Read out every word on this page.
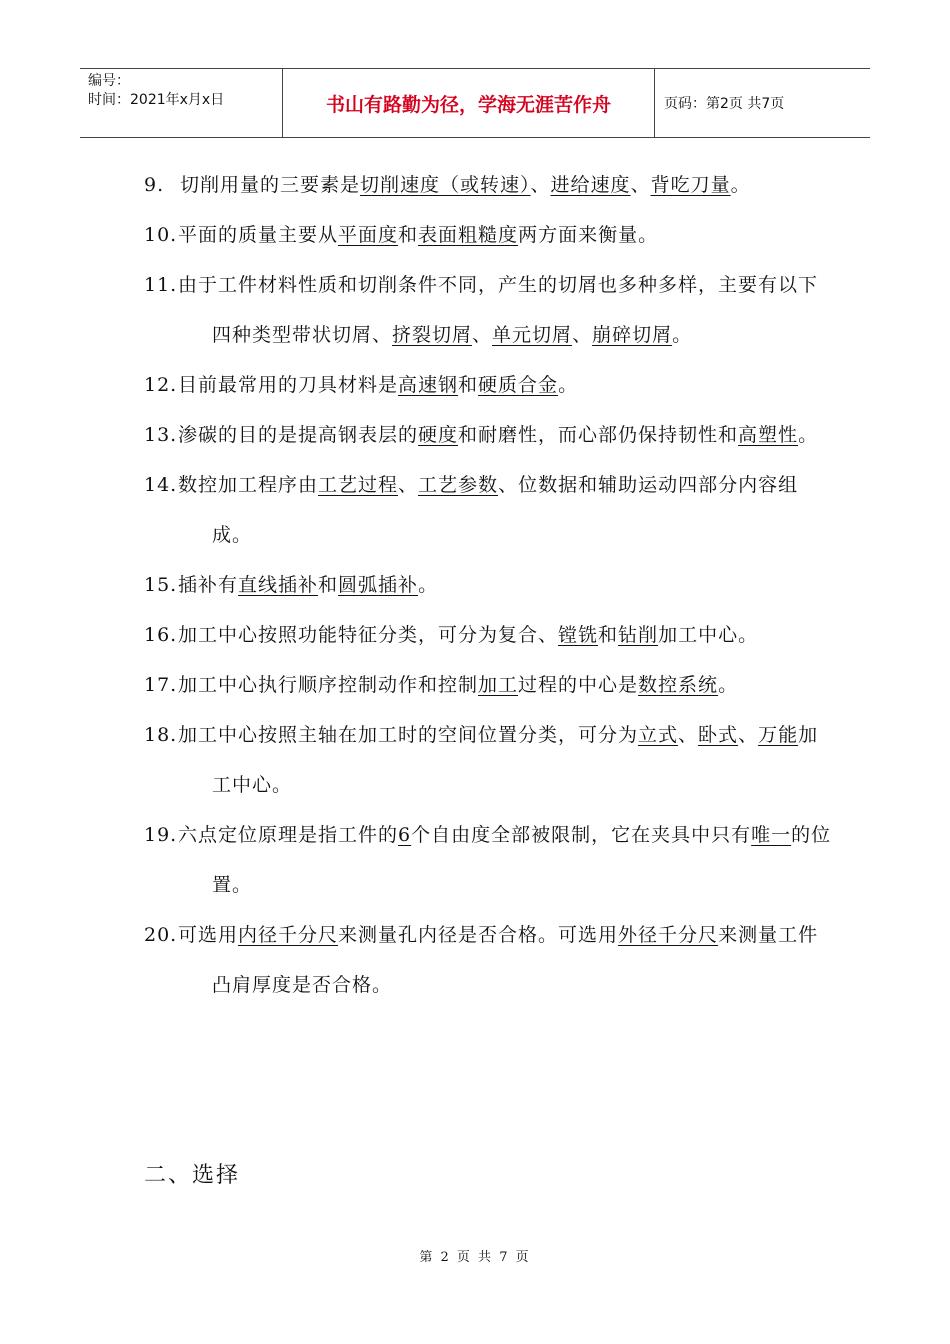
编号：
时间：2021年x月x日	书山有路勤为径，学海无涯苦作舟	页码：第2页 共7页
9. 切削用量的三要素是切削速度（或转速）、进给速度、背吃刀量。
10. 平面的质量主要从平面度和表面粗糙度两方面来衡量。
11. 由于工件材料性质和切削条件不同，产生的切屑也多种多样，主要有以下四种类型带状切屑、挤裂切屑、单元切屑、崩碎切屑。
12. 目前最常用的刀具材料是高速钢和硬质合金。
13. 渗碳的目的是提高钢表层的硬度和耐磨性，而心部仍保持韧性和高塑性。
14. 数控加工程序由工艺过程、工艺参数、位数据和辅助运动四部分内容组成。
15. 插补有直线插补和圆弧插补。
16. 加工中心按照功能特征分类，可分为复合、镗铣和钻削加工中心。
17. 加工中心执行顺序控制动作和控制加工过程的中心是数控系统。
18. 加工中心按照主轴在加工时的空间位置分类，可分为立式、卧式、万能加工中心。
19. 六点定位原理是指工件的6个自由度全部被限制，它在夹具中只有唯一的位置。
20. 可选用内径千分尺来测量孔内径是否合格。可选用外径千分尺来测量工件凸肩厚度是否合格。
二、选择
第 2 页 共 7 页
